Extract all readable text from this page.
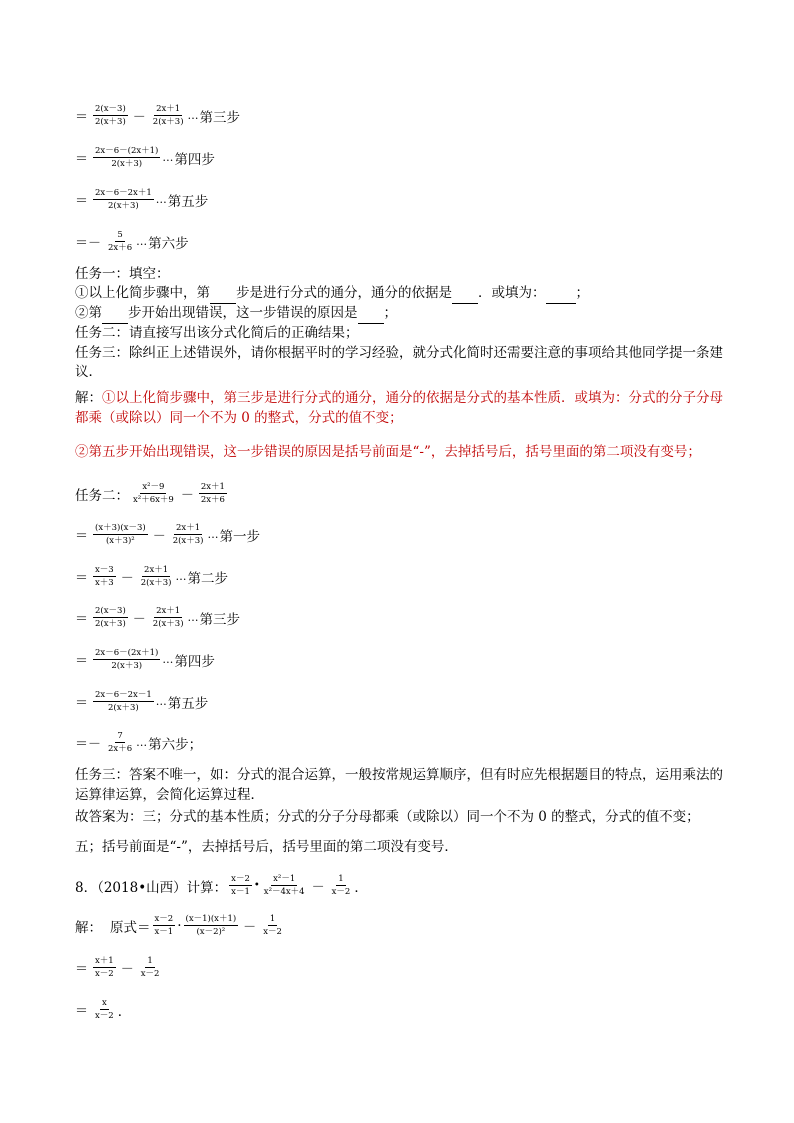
＝ $\frac{2(x-3)}{2(x+3)} - \frac{2x+1}{2(x+3)}$ … 第三步
＝ $\frac{2x-6-(2x+1)}{2(x+3)}$ … 第四步
＝ $\frac{2x-6-2x+1}{2(x+3)}$ … 第五步
＝－ $\frac{5}{2x+6}$ … 第六步
任务一：填空：
①以上化简步骤中，第 步是进行分式的通分，通分的依据是 ．或填为： ；
②第 步开始出现错误，这一步错误的原因是 ；
任务二：请直接写出该分式化简后的正确结果；
任务三：除纠正上述错误外，请你根据平时的学习经验，就分式化简时还需要注意的事项给其他同学提一条建议．
解：①以上化简步骤中，第三步是进行分式的通分，通分的依据是分式的基本性质．或填为：分式的分子分母都乘（或除以）同一个不为 0 的整式，分式的值不变；
②第五步开始出现错误，这一步错误的原因是括号前面是“-”，去掉括号后，括号里面的第二项没有变号；
任务二： $\frac{\text{x²－9}}{\text{x²＋6x＋9}} - \frac{2x+1}{2x+6}$
＝ $\frac{(x+3)(x-3)}{\text{(x＋3)²}} - \frac{2x+1}{2(x+3)}$ … 第一步
＝ $\frac{x-3}{x+3} - \frac{2x+1}{2(x+3)}$ … 第二步
＝ $\frac{2(x-3)}{2(x+3)} - \frac{2x+1}{2(x+3)}$ … 第三步
＝ $\frac{2x-6-(2x+1)}{2(x+3)}$ … 第四步
＝ $\frac{2x-6-2x-1}{2(x+3)}$ … 第五步
＝－ $\frac{7}{2x+6}$ … 第六步；
任务三：答案不唯一，如：分式的混合运算，一般按常规运算顺序，但有时应先根据题目的特点，运用乘法的运算律运算，会简化运算过程．
故答案为：三；分式的基本性质；分式的分子分母都乘（或除以）同一个不为 0 的整式，分式的值不变；
五；括号前面是“-”，去掉括号后，括号里面的第二项没有变号．
8．（2018•山西）计算： $\frac{x-2}{x-1}$ • $\frac{\text{x²－1}}{\text{x²－4x＋4}} - \frac{1}{x-2}$ ．
解： 原式＝ $\frac{x-2}{x-1} \cdot \frac{(x-1)(x+1)}{\text{(x－2)²}} - \frac{1}{x-2}$
＝ $\frac{x+1}{x-2} - \frac{1}{x-2}$
＝ $\frac{x}{x-2}$ ．
